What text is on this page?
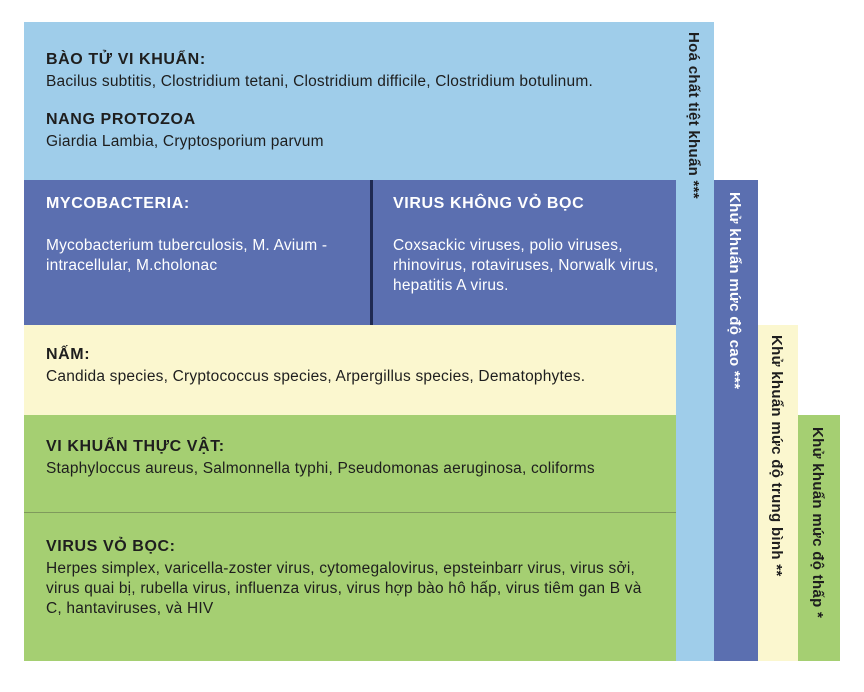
BÀO TỬ VI KHUẨN:

Bacilus subtitis, Clostridium tetani, Clostridium difficile, Clostridium botulinum.

NANG PROTOZOA

Giardia Lambia, Cryptosporium parvum

MYCOBACTERIA:

Mycobacterium tuberculosis, M. Avium - intracellular, M.cholonac

VIRUS KHÔNG VỎ BỌC

Coxsackic viruses, polio viruses, rhinovirus, rotaviruses, Norwalk virus, hepatitis A virus.

NẤM:

Candida species, Cryptococcus species, Arpergillus species, Dematophytes.

VI KHUẨN THỰC VẬT:

Staphyloccus aureus, Salmonnella typhi, Pseudomonas aeruginosa, coliforms

VIRUS VỎ BỌC:

Herpes simplex, varicella-zoster virus, cytomegalovirus, epsteinbarr virus, virus sởi, virus quai bị, rubella virus, influenza virus, virus hợp bào hô hấp, virus tiêm gan B và C, hantaviruses, và HIV

Hoá chất tiệt khuẩn ***
Khử khuẩn mức độ cao ***
Khử khuẩn mức độ trung bình ** Khử khuẩn mức độ thấp *
